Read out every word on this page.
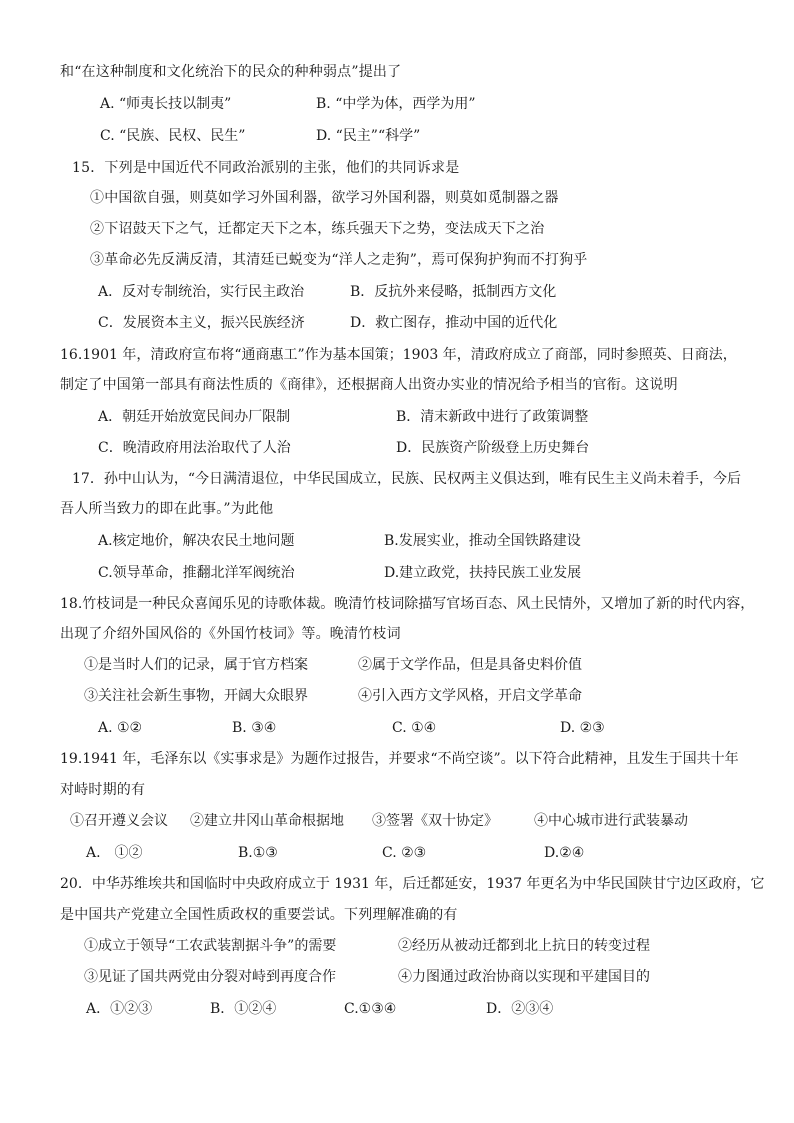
和“在这种制度和文化统治下的民众的种种弱点”提出了
A. “师夷长技以制夷”	B. “中学为体，西学为用”
C. “民族、民权、民生”	D. “民主”“科学”
15．下列是中国近代不同政治派别的主张，他们的共同诉求是
①中国欲自强，则莫如学习外国利器，欲学习外国利器，则莫如觅制器之器
②下诏鼓天下之气，迁都定天下之本，练兵强天下之势，变法成天下之治
③革命必先反满反清，其清廷已蜕变为“洋人之走狗”，焉可保狗护狗而不打狗乎
A．反对专制统治，实行民主政治	B．反抗外来侵略，抵制西方文化
C．发展资本主义，振兴民族经济	D．救亡图存，推动中国的近代化
16.1901 年，清政府宣布将“通商惠工”作为基本国策；1903 年，清政府成立了商部，同时参照英、日商法，
制定了中国第一部具有商法性质的《商律》，还根据商人出资办实业的情况给予相当的官衔。这说明
A．朝廷开始放宽民间办厂限制	B．清末新政中进行了政策调整
C．晚清政府用法治取代了人治	D．民族资产阶级登上历史舞台
17．孙中山认为，“今日满清退位，中华民国成立，民族、民权两主义俱达到，唯有民生主义尚未着手，今后
吾人所当致力的即在此事。”为此他
A.核定地价，解决农民土地问题	B.发展实业，推动全国铁路建设
C.领导革命，推翻北洋军阀统治	D.建立政党，扶持民族工业发展
18.竹枝词是一种民众喜闻乐见的诗歌体裁。晚清竹枝词除描写官场百态、风土民情外，又增加了新的时代内容，
出现了介绍外国风俗的《外国竹枝词》等。晚清竹枝词
①是当时人们的记录，属于官方档案	②属于文学作品，但是具备史料价值
③关注社会新生事物，开阔大众眼界	④引入西方文学风格，开启文学革命
A. ①②	B. ③④	C. ①④	D. ②③
19.1941 年，毛泽东以《实事求是》为题作过报告，并要求“不尚空谈”。以下符合此精神，且发生于国共十年
对峙时期的有
①召开遵义会议 ②建立井冈山革命根据地 ③签署《双十协定》	④中心城市进行武装暴动
A.　①②	B.①③	C. ②③	D.②④
20．中华苏维埃共和国临时中央政府成立于 1931 年，后迁都延安，1937 年更名为中华民国陕甘宁边区政府，它
是中国共产党建立全国性质政权的重要尝试。下列理解准确的有
①成立于领导“工农武装割据斗争”的需要	②经历从被动迁都到北上抗日的转变过程
③见证了国共两党由分裂对峙到再度合作	④力图通过政治协商以实现和平建国目的
A．①②③	B．①②④	C.①③④	D．②③④
